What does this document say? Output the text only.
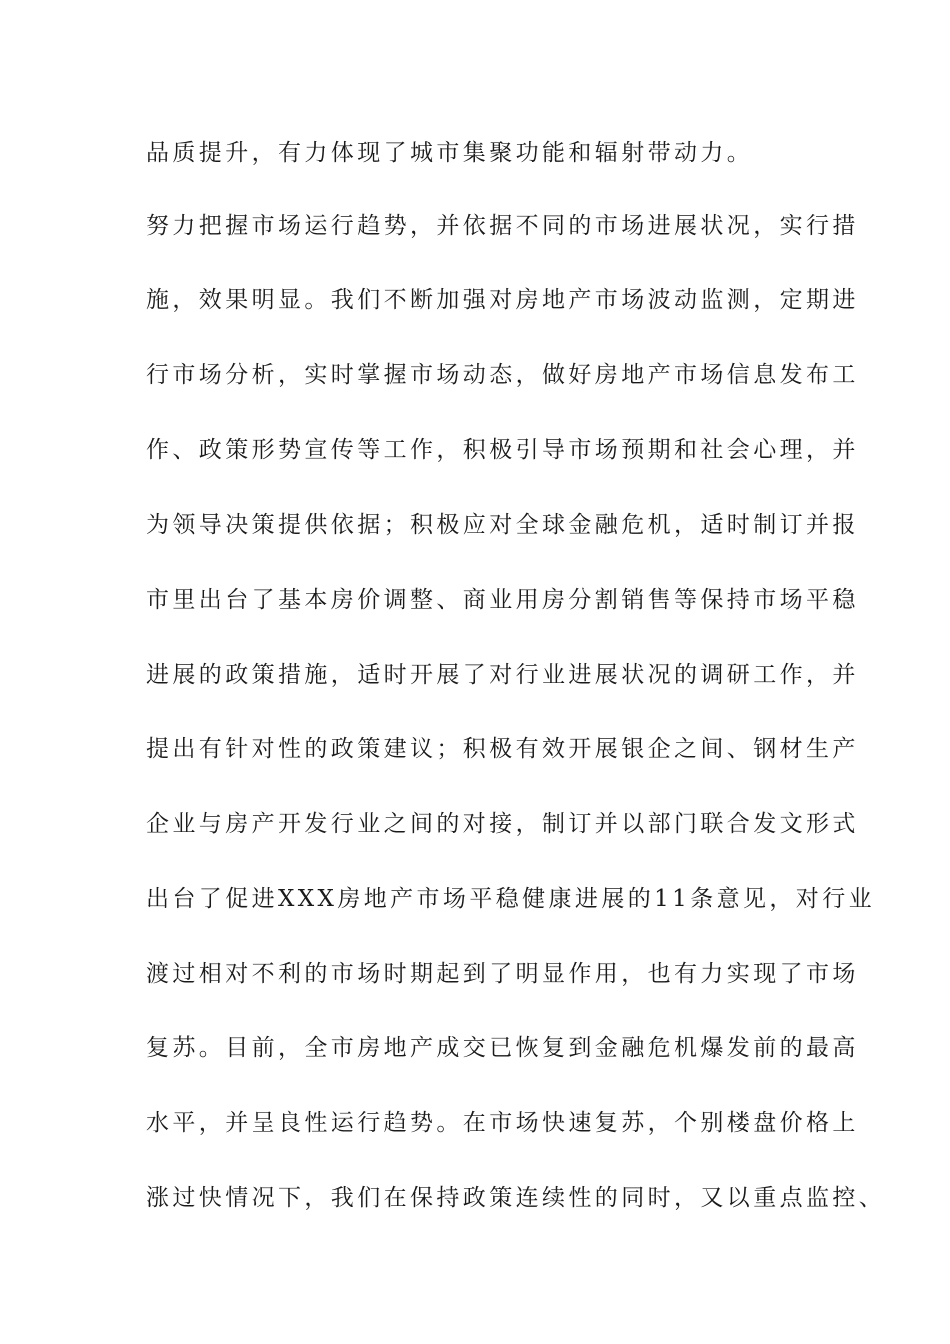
品质提升，有力体现了城市集聚功能和辐射带动力。
努力把握市场运行趋势，并依据不同的市场进展状况，实行措
施，效果明显。我们不断加强对房地产市场波动监测，定期进
行市场分析，实时掌握市场动态，做好房地产市场信息发布工
作、政策形势宣传等工作，积极引导市场预期和社会心理，并
为领导决策提供依据；积极应对全球金融危机，适时制订并报
市里出台了基本房价调整、商业用房分割销售等保持市场平稳
进展的政策措施，适时开展了对行业进展状况的调研工作，并
提出有针对性的政策建议；积极有效开展银企之间、钢材生产
企业与房产开发行业之间的对接，制订并以部门联合发文形式
出台了促进XXX房地产市场平稳健康进展的11条意见，对行业
渡过相对不利的市场时期起到了明显作用，也有力实现了市场
复苏。目前，全市房地产成交已恢复到金融危机爆发前的最高
水平，并呈良性运行趋势。在市场快速复苏，个别楼盘价格上
涨过快情况下，我们在保持政策连续性的同时，又以重点监控、
